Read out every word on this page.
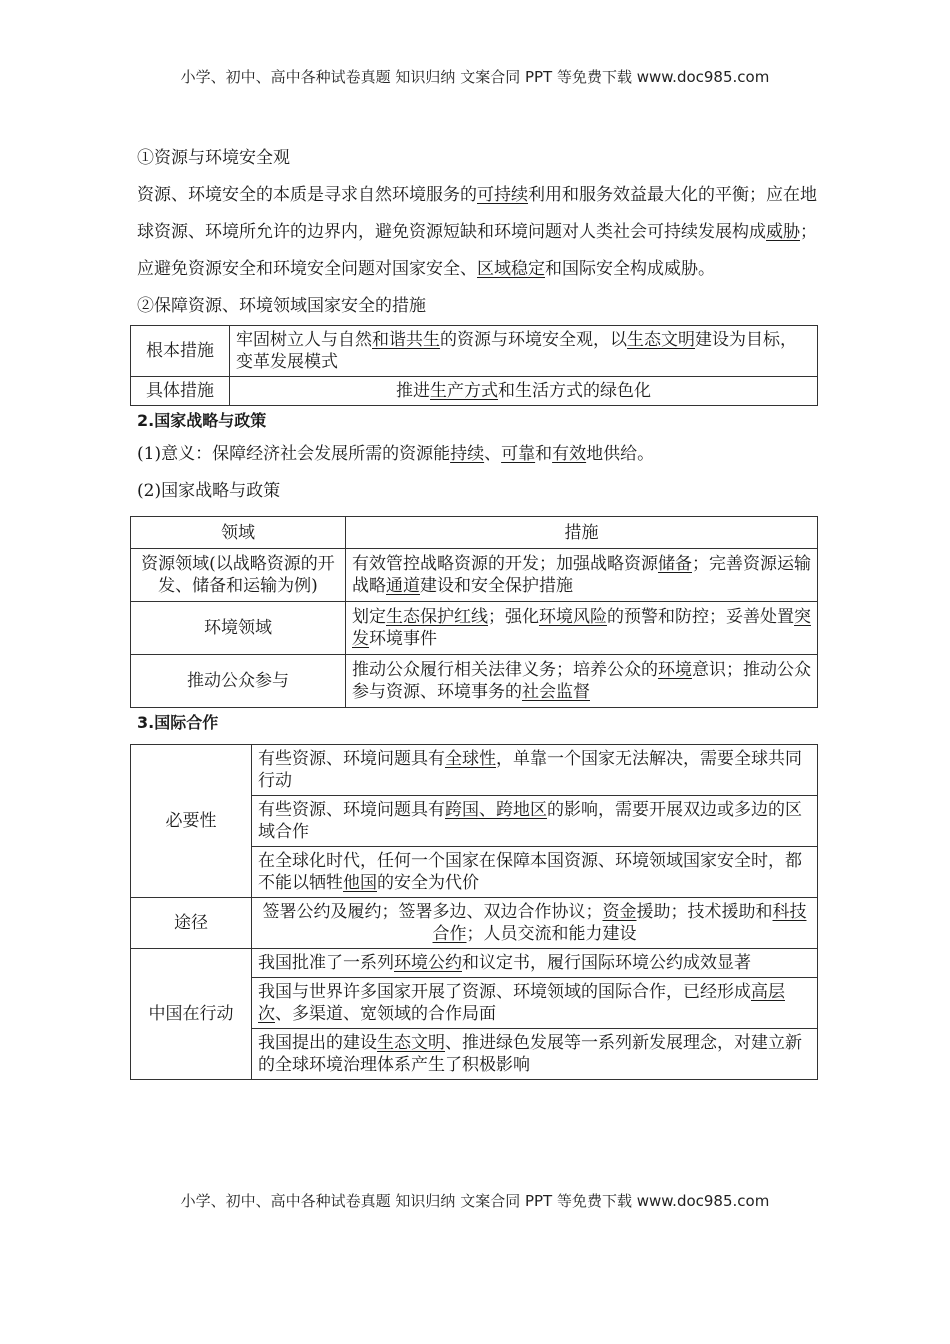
小学、初中、高中各种试卷真题 知识归纳 文案合同 PPT 等免费下载 www.doc985.com

①资源与环境安全观

资源、环境安全的本质是寻求自然环境服务的可持续利用和服务效益最大化的平衡；应在地球资源、环境所允许的边界内，避免资源短缺和环境问题对人类社会可持续发展构成威胁；应避免资源安全和环境安全问题对国家安全、区域稳定和国际安全构成威胁。

②保障资源、环境领域国家安全的措施

根本措施	牢固树立人与自然和谐共生的资源与环境安全观，以生态文明建设为目标，变革发展模式
具体措施	推进生产方式和生活方式的绿色化

2.国家战略与政策

(1)意义：保障经济社会发展所需的资源能持续、可靠和有效地供给。

(2)国家战略与政策

领域	措施
资源领域(以战略资源的开发、储备和运输为例)	有效管控战略资源的开发；加强战略资源储备；完善资源运输战略通道建设和安全保护措施
环境领域	划定生态保护红线；强化环境风险的预警和防控；妥善处置突发环境事件
推动公众参与	推动公众履行相关法律义务；培养公众的环境意识；推动公众参与资源、环境事务的社会监督

3.国际合作

必要性	有些资源、环境问题具有全球性，单靠一个国家无法解决，需要全球共同行动
	有些资源、环境问题具有跨国、跨地区的影响，需要开展双边或多边的区域合作
	在全球化时代，任何一个国家在保障本国资源、环境领域国家安全时，都不能以牺牲他国的安全为代价
途径	签署公约及履约；签署多边、双边合作协议；资金援助；技术援助和科技合作；人员交流和能力建设
中国在行动	我国批准了一系列环境公约和议定书，履行国际环境公约成效显著
	我国与世界许多国家开展了资源、环境领域的国际合作，已经形成高层次、多渠道、宽领域的合作局面
	我国提出的建设生态文明、推进绿色发展等一系列新发展理念，对建立新的全球环境治理体系产生了积极影响
小学、初中、高中各种试卷真题 知识归纳 文案合同 PPT 等免费下载 www.doc985.com
